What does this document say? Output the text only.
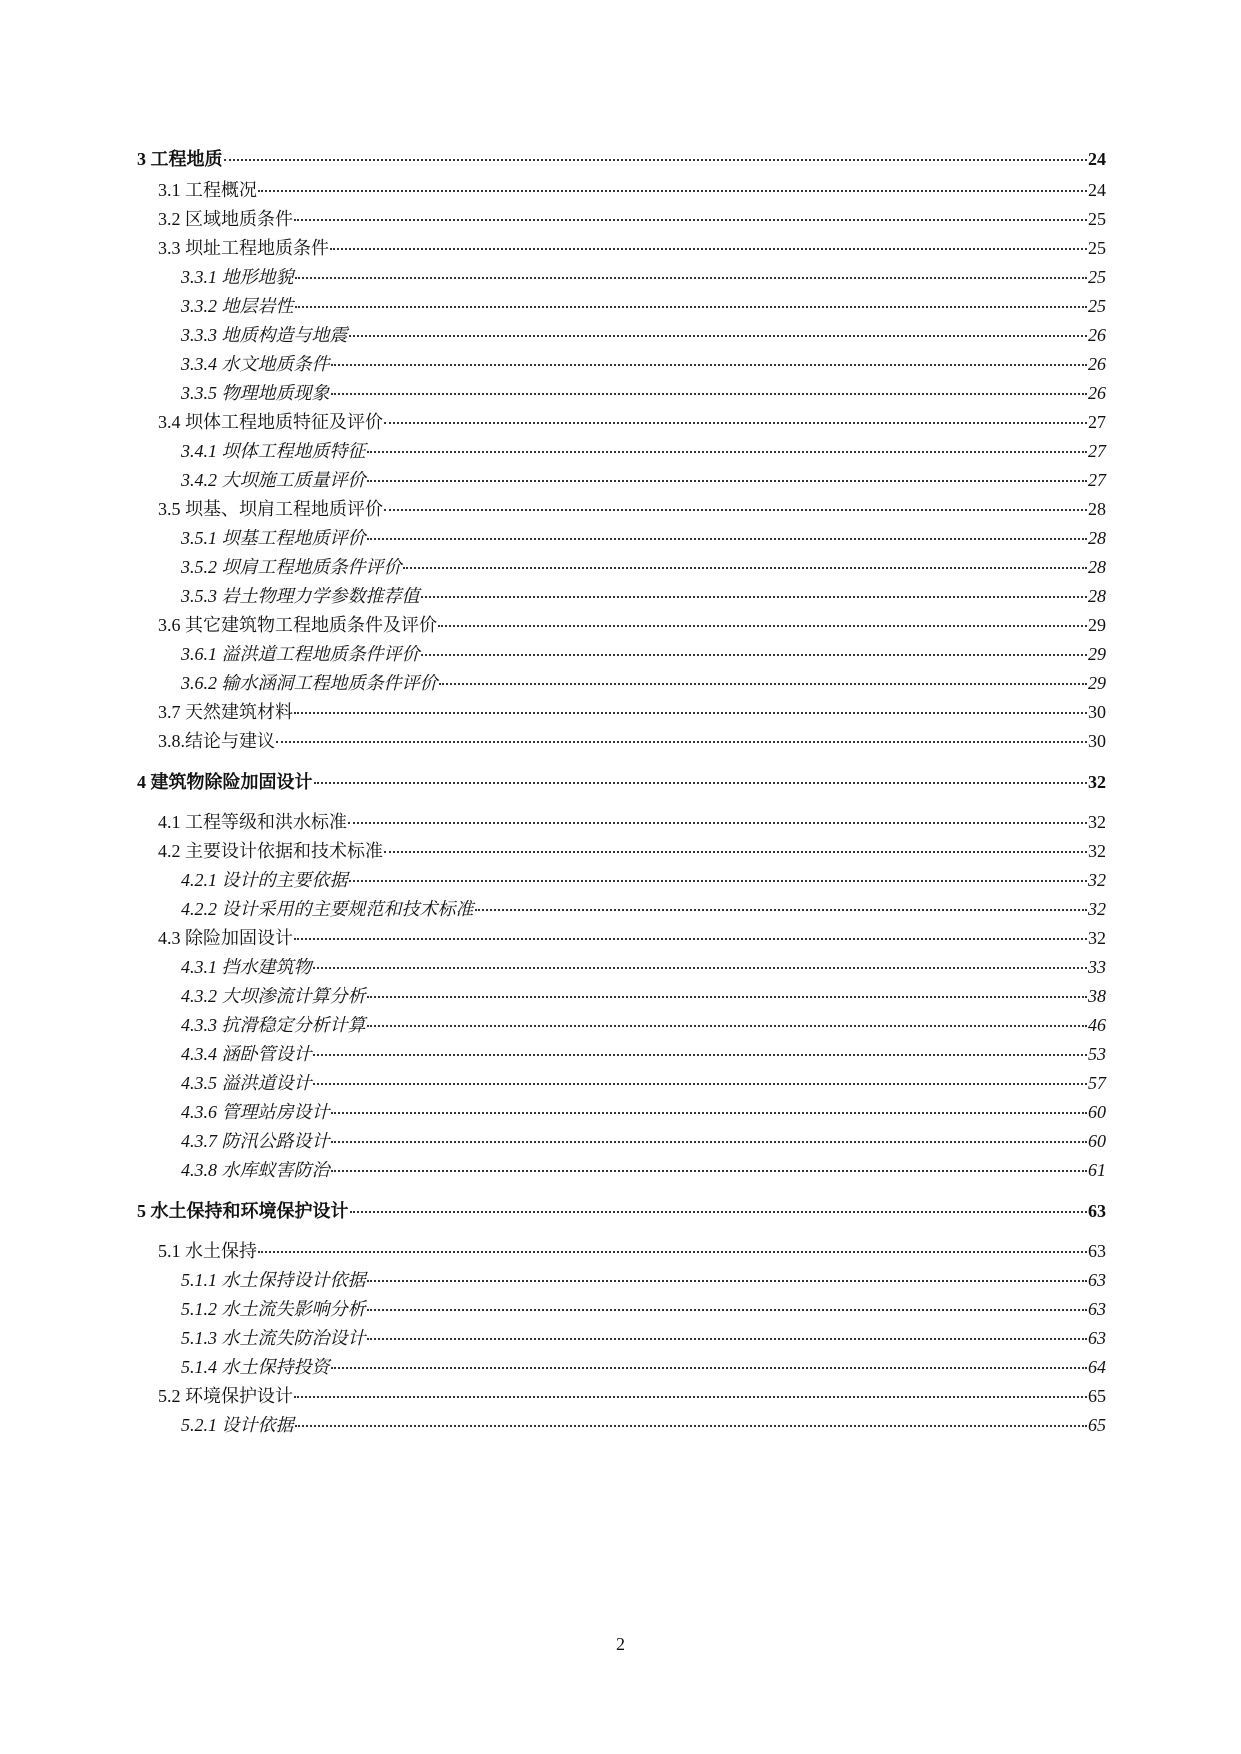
3 工程地质	24
3.1 工程概况	24
3.2 区域地质条件	25
3.3 坝址工程地质条件	25
3.3.1 地形地貌	25
3.3.2 地层岩性	25
3.3.3 地质构造与地震	26
3.3.4 水文地质条件	26
3.3.5 物理地质现象	26
3.4 坝体工程地质特征及评价	27
3.4.1 坝体工程地质特征	27
3.4.2 大坝施工质量评价	27
3.5 坝基、坝肩工程地质评价	28
3.5.1 坝基工程地质评价	28
3.5.2 坝肩工程地质条件评价	28
3.5.3 岩土物理力学参数推荐值	28
3.6 其它建筑物工程地质条件及评价	29
3.6.1 溢洪道工程地质条件评价	29
3.6.2 输水涵洞工程地质条件评价	29
3.7 天然建筑材料	30
3.8.结论与建议	30
4 建筑物除险加固设计	32
4.1 工程等级和洪水标准	32
4.2 主要设计依据和技术标准	32
4.2.1 设计的主要依据	32
4.2.2 设计采用的主要规范和技术标准	32
4.3 除险加固设计	32
4.3.1 挡水建筑物	33
4.3.2 大坝渗流计算分析	38
4.3.3 抗滑稳定分析计算	46
4.3.4 涵卧管设计	53
4.3.5 溢洪道设计	57
4.3.6 管理站房设计	60
4.3.7 防汛公路设计	60
4.3.8 水库蚁害防治	61
5 水土保持和环境保护设计	63
5.1 水土保持	63
5.1.1 水土保持设计依据	63
5.1.2 水土流失影响分析	63
5.1.3 水土流失防治设计	63
5.1.4 水土保持投资	64
5.2 环境保护设计	65
5.2.1 设计依据	65
2
